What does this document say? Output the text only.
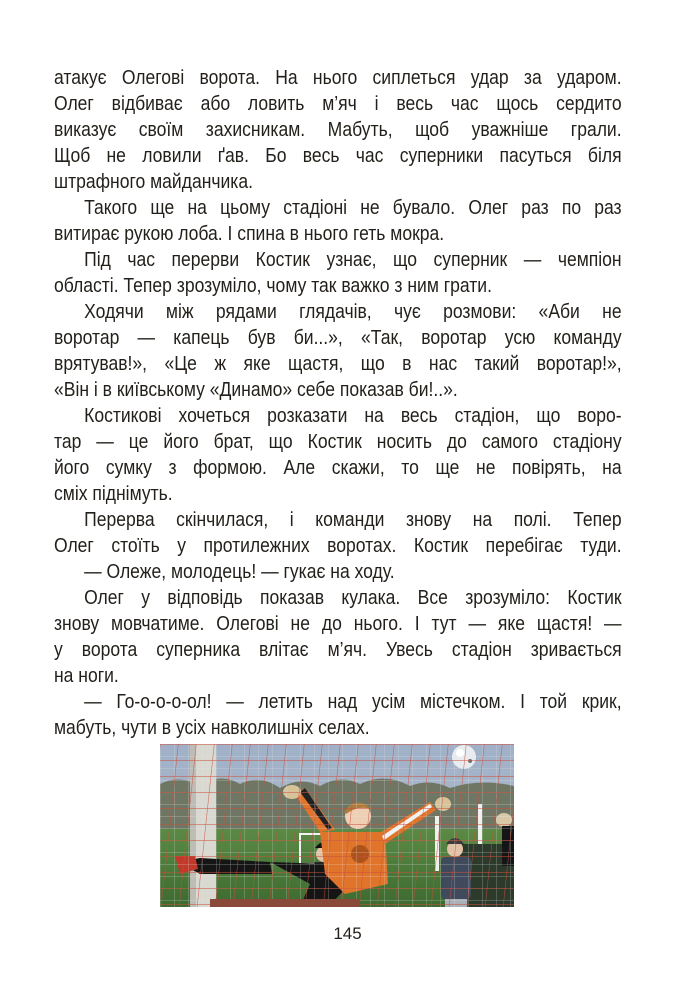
атакує Олегові ворота. На нього сиплеться удар за ударом.
Олег відбиває або ловить м’яч і весь час щось сердито
виказує своїм захисникам. Мабуть, щоб уважніше грали.
Щоб не ловили ґав. Бо весь час суперники пасуться біля
штрафного майданчика.
Такого ще на цьому стадіоні не бувало. Олег раз по раз
витирає рукою лоба. І спина в нього геть мокра.
Під час перерви Костик узнає, що суперник — чемпіон
області. Тепер зрозуміло, чому так важко з ним грати.
Ходячи між рядами глядачів, чує розмови: «Аби не
воротар — капець був би...», «Так, воротар усю команду
врятував!», «Це ж яке щастя, що в нас такий воротар!»,
«Він і в київському «Динамо» себе показав би!..».
Костикові хочеться розказати на весь стадіон, що воро-
тар — це його брат, що Костик носить до самого стадіону
його сумку з формою. Але скажи, то ще не повірять, на
сміх піднімуть.
Перерва скінчилася, і команди знову на полі. Тепер
Олег стоїть у протилежних воротах. Костик перебігає туди.
— Олеже, молодець! — гукає на ходу.
Олег у відповідь показав кулака. Все зрозуміло: Костик
знову мовчатиме. Олегові не до нього. І тут — яке щастя! —
у ворота суперника влітає м’яч. Увесь стадіон зривається
на ноги.
— Го-о-о-о-ол! — летить над усім містечком. І той крик,
мабуть, чути в усіх навколишніх селах.
145
